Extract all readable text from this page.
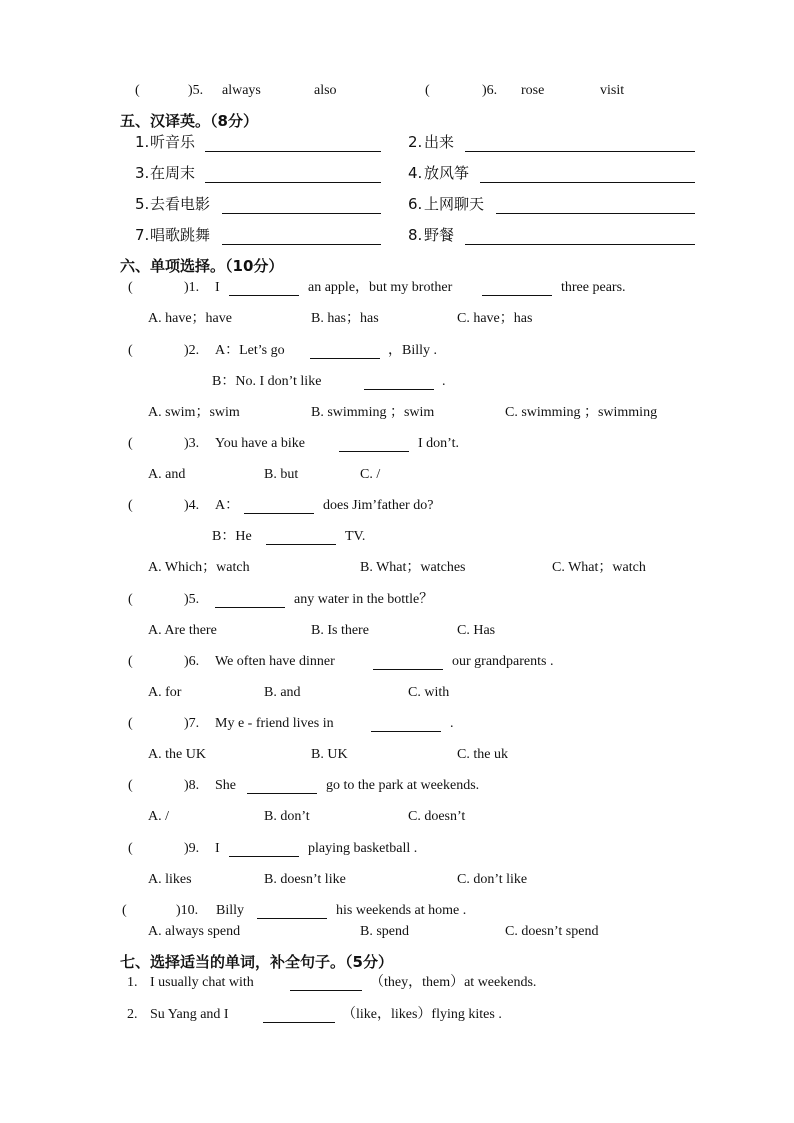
(	)5. always	also	(	)6. rose	visit
五、汉译英。（8分）
1. 听音乐	2. 出来
3. 在周末	4. 放风筝
5. 去看电影	6. 上网聊天
7. 唱歌跳舞	8. 野餐
六、单项选择。（10分）
(	)1. I	an apple，but my brother	three pears.
A. have；have	B. has；has	C. have；has
(	)2. A：Let’s go	，Billy .
B：No. I don’t like	.
A. swim；swim	B. swimming ；swim	C. swimming ；swimming
(	)3. You have a bike	I don’t.
A. and	B. but	C. /
(	)4. A：	does Jim’father do?
B：He	TV.
A. Which；watch	B. What；watches	C. What；watch
(	)5.	any water in the bottle？
A. Are there	B. Is there	C. Has
(	)6. We often have dinner	our grandparents .
A. for	B. and	C. with
(	)7. My e - friend lives in	.
A. the UK	B. UK	C. the uk
(	)8. She	go to the park at weekends.
A. /	B. don’t	C. doesn’t
(	)9. I	playing basketball .
A. likes	B. doesn’t like	C. don’t like
(	)10. Billy	his weekends at home .
A. always spend	B. spend	C. doesn’t spend
七、选择适当的单词，补全句子。（5分）
1. I usually chat with	（they，them）at weekends.
2. Su Yang and I	（like，likes）flying kites .
